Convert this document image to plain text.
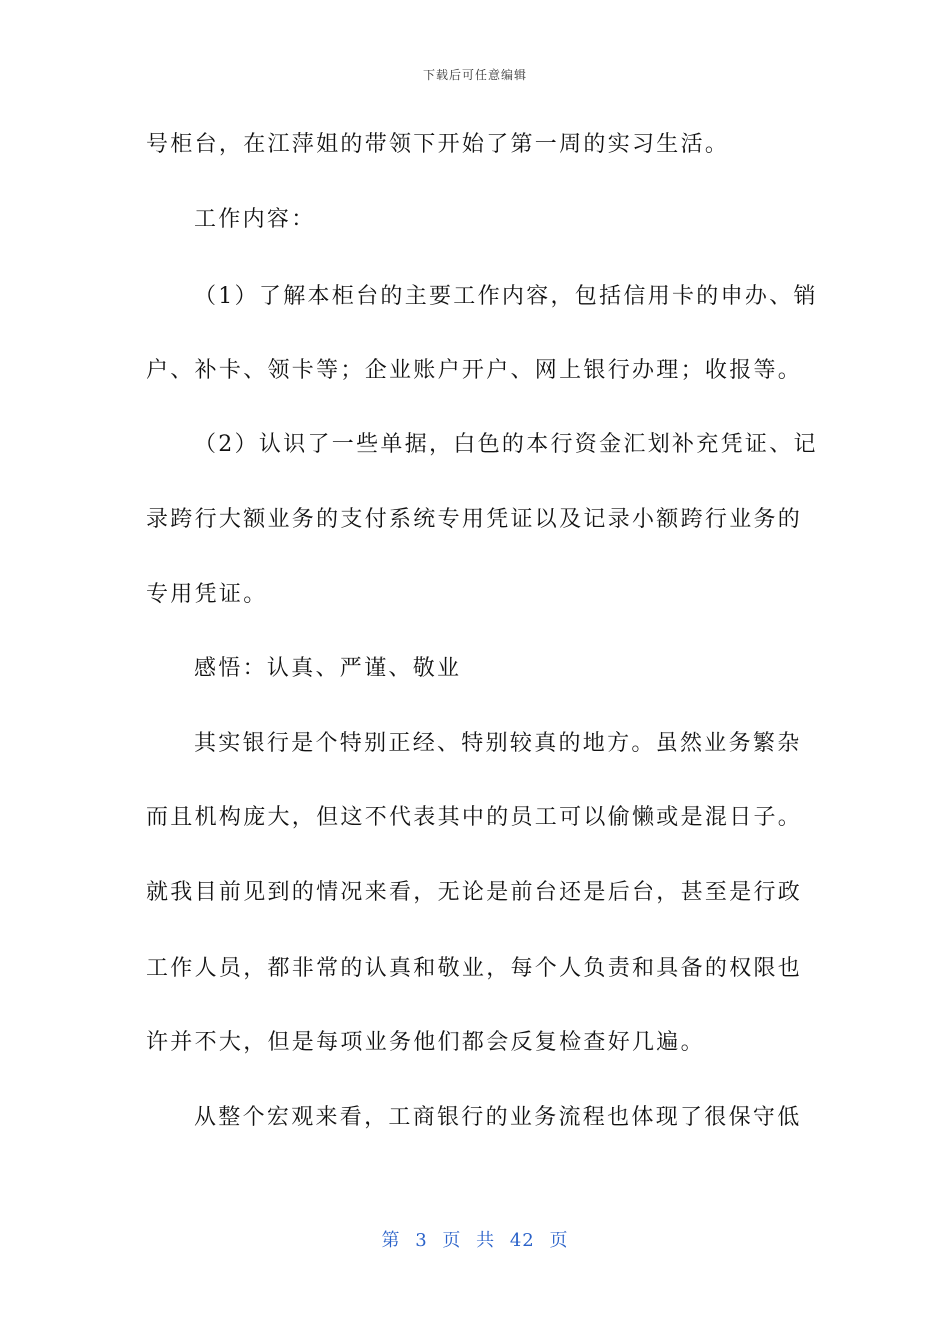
下载后可任意编辑
号柜台，在江萍姐的带领下开始了第一周的实习生活。
工作内容：
（1）了解本柜台的主要工作内容，包括信用卡的申办、销
户、补卡、领卡等；企业账户开户、网上银行办理；收报等。
（2）认识了一些单据，白色的本行资金汇划补充凭证、记
录跨行大额业务的支付系统专用凭证以及记录小额跨行业务的
专用凭证。
感悟：认真、严谨、敬业
其实银行是个特别正经、特别较真的地方。虽然业务繁杂
而且机构庞大，但这不代表其中的员工可以偷懒或是混日子。
就我目前见到的情况来看，无论是前台还是后台，甚至是行政
工作人员，都非常的认真和敬业，每个人负责和具备的权限也
许并不大，但是每项业务他们都会反复检查好几遍。
从整个宏观来看，工商银行的业务流程也体现了很保守低
第 3 页 共 42 页
